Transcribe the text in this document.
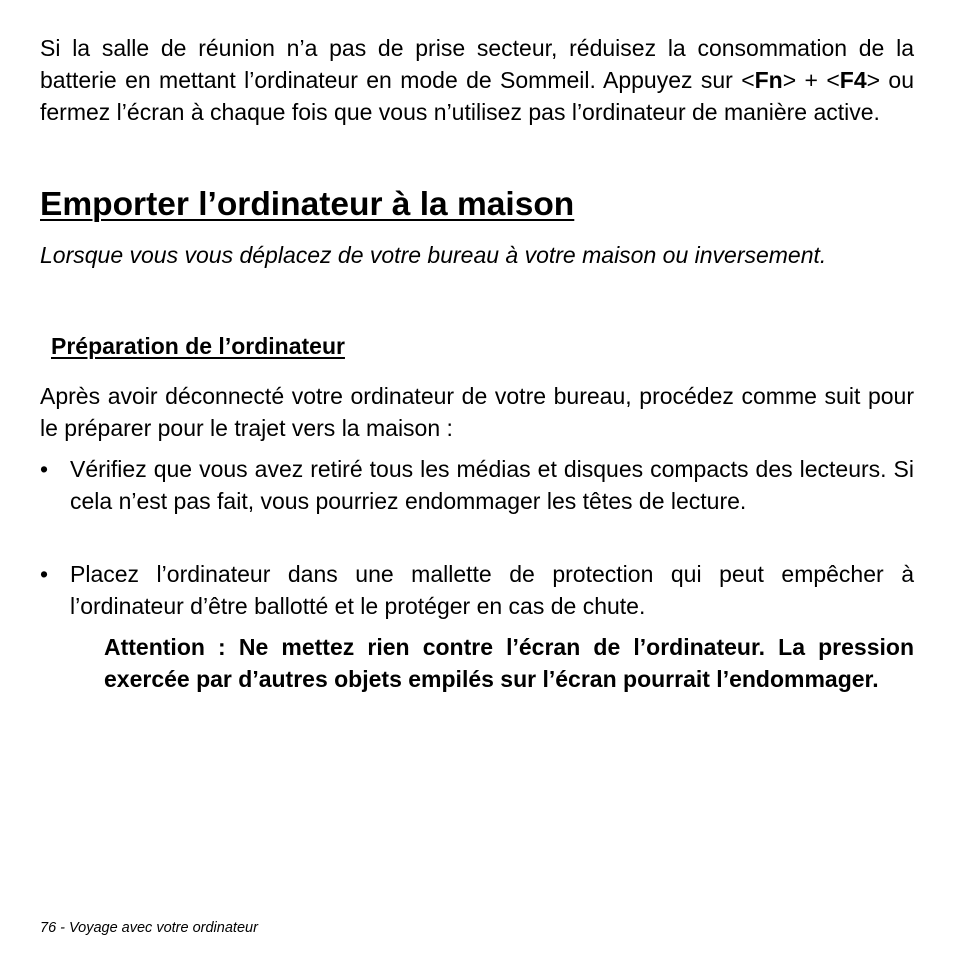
Si la salle de réunion n’a pas de prise secteur, réduisez la consommation de la batterie en mettant l’ordinateur en mode de Sommeil. Appuyez sur <Fn> + <F4> ou fermez l’écran à chaque fois que vous n’utilisez pas l’ordinateur de manière active.

Emporter l’ordinateur à la maison

Lorsque vous vous déplacez de votre bureau à votre maison ou inversement.

Préparation de l’ordinateur

Après avoir déconnecté votre ordinateur de votre bureau, procédez comme suit pour le préparer pour le trajet vers la maison :

• Vérifiez que vous avez retiré tous les médias et disques compacts des lecteurs. Si cela n’est pas fait, vous pourriez endommager les têtes de lecture.

• Placez l’ordinateur dans une mallette de protection qui peut empêcher à l’ordinateur d’être ballotté et le protéger en cas de chute.

Attention : Ne mettez rien contre l’écran de l’ordinateur. La pression exercée par d’autres objets empilés sur l’écran pourrait l’endommager.

76 - Voyage avec votre ordinateur
